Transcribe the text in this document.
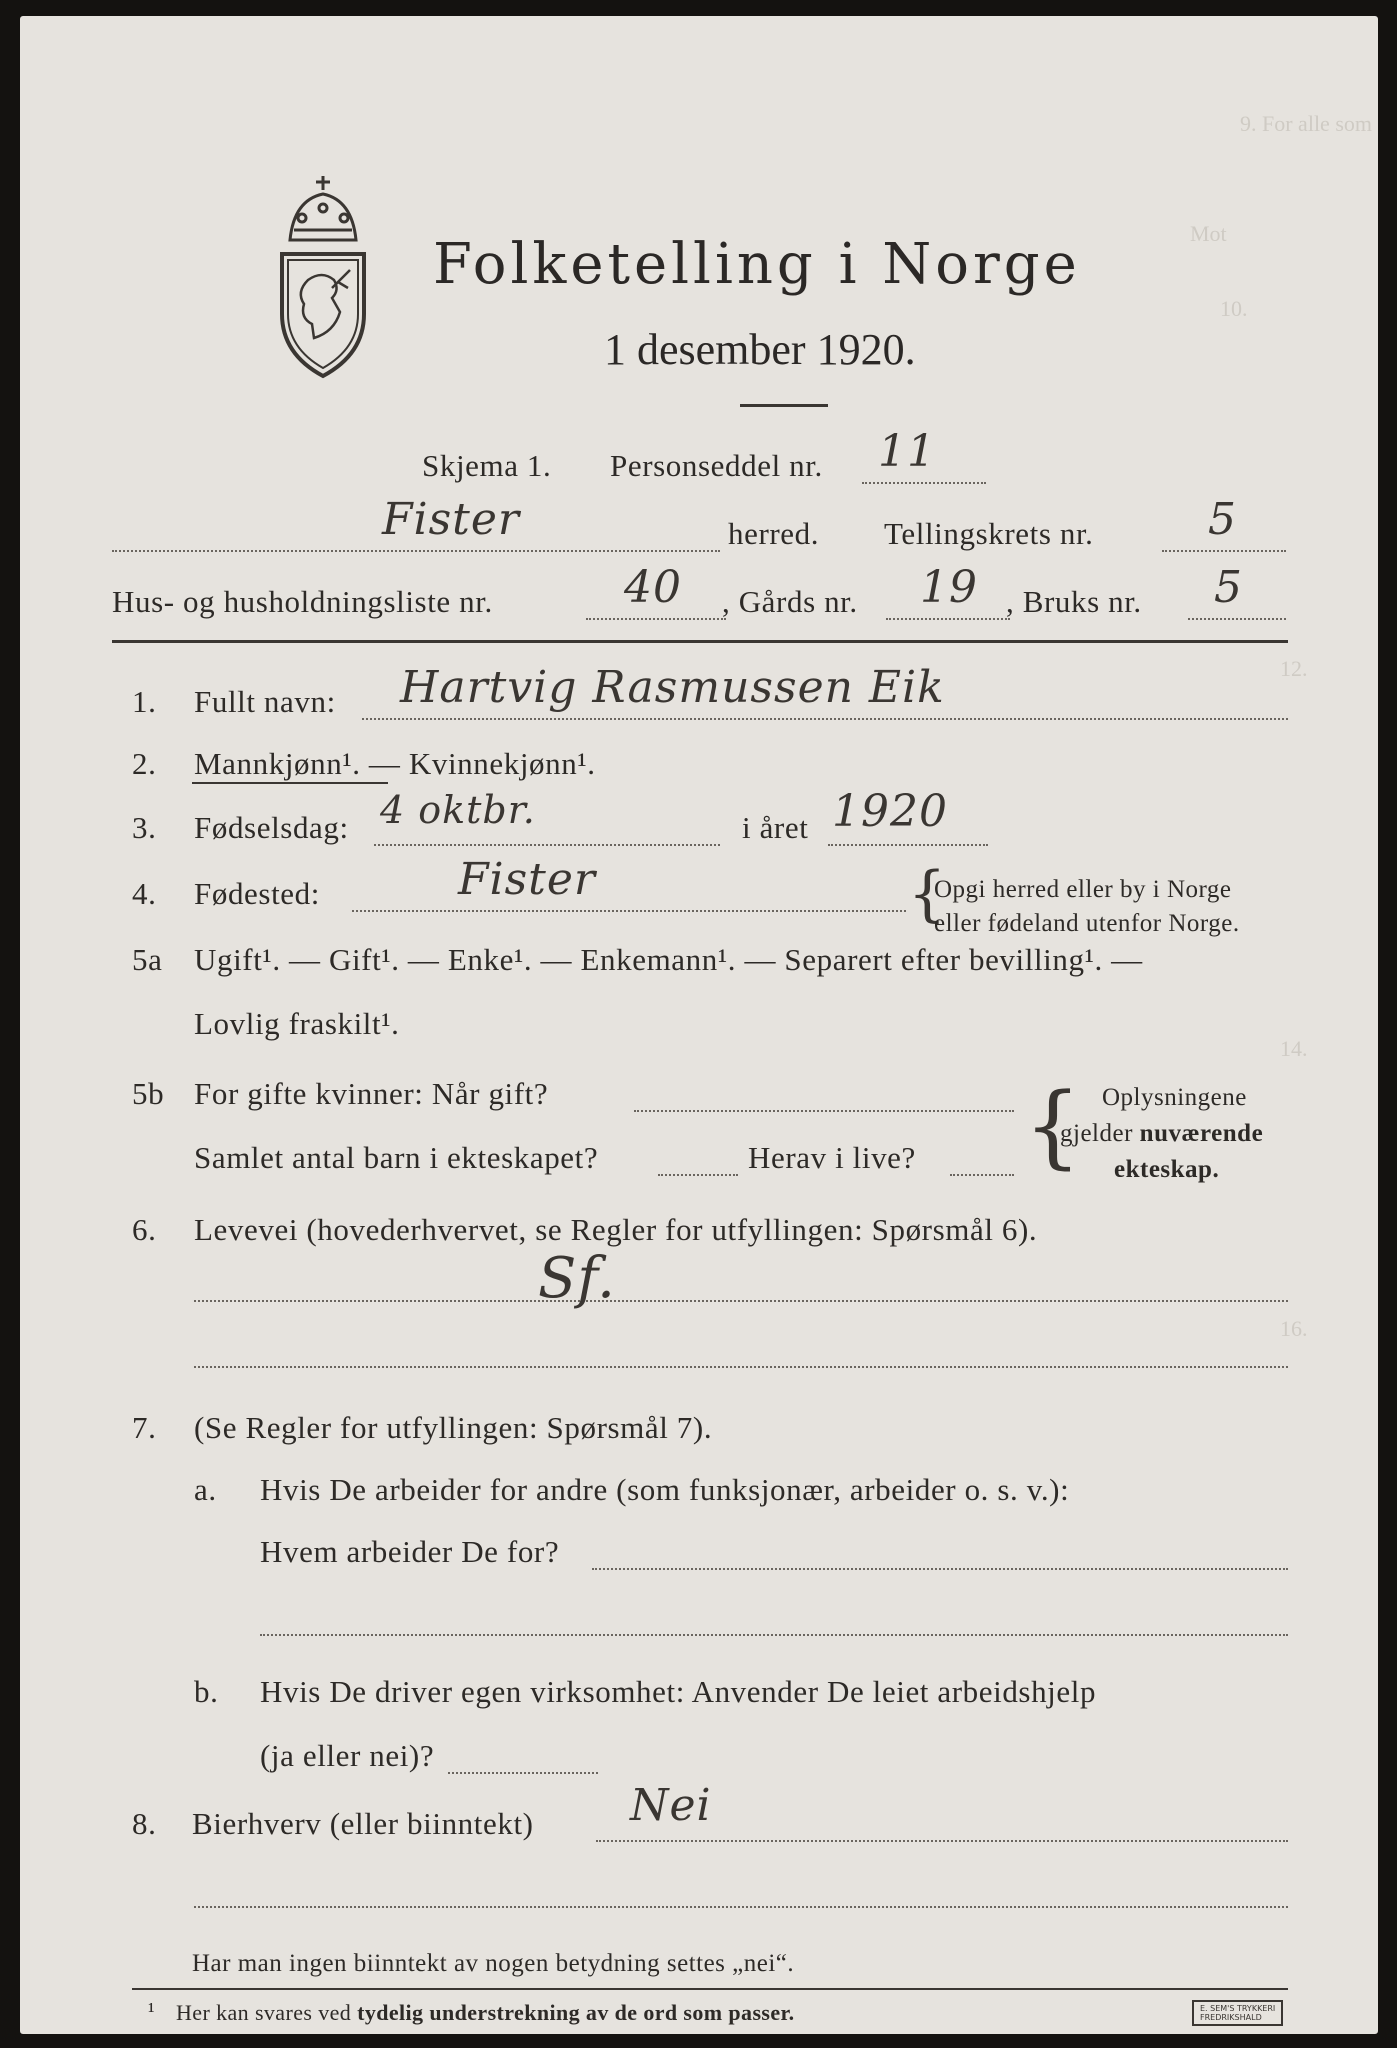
9. For alle som
Mot
10.
12.
14.
16.
Folketelling i Norge
1 desember 1920.
Skjema 1. Personseddel nr. 11
Fister	herred. Tellingskrets nr.	5
Hus- og husholdningsliste nr.	40 , Gårds nr. 19 , Bruks nr. 5
1. Fullt navn: Hartvig Rasmussen Eik
2. Mannkjønn¹. — Kvinnekjønn¹.
3. Fødselsdag: 4 oktbr.	i året 1920
4. Fødested:	Fister	{
Opgi herred eller by i Norge
eller fødeland utenfor Norge.
5a Ugift¹. — Gift¹. — Enke¹. — Enkemann¹. — Separert efter bevilling¹. —
Lovlig fraskilt¹.
5b For gifte kvinner: Når gift?
Samlet antal barn i ekteskapet?	Herav i live? { Oplysningene
gjelder nuværende
ekteskap.
6. Levevei (hovederhvervet, se Regler for utfyllingen: Spørsmål 6).
Sf.
7. (Se Regler for utfyllingen: Spørsmål 7).
a. Hvis De arbeider for andre (som funksjonær, arbeider o. s. v.):
Hvem arbeider De for?
b. Hvis De driver egen virksomhet: Anvender De leiet arbeidshjelp
(ja eller nei)?
8. Bierhverv (eller biinntekt) Nei
Har man ingen biinntekt av nogen betydning settes „nei“.
¹ Her kan svares ved tydelig understrekning av de ord som passer.	E. SEM'S TRYKKERI
FREDRIKSHALD
